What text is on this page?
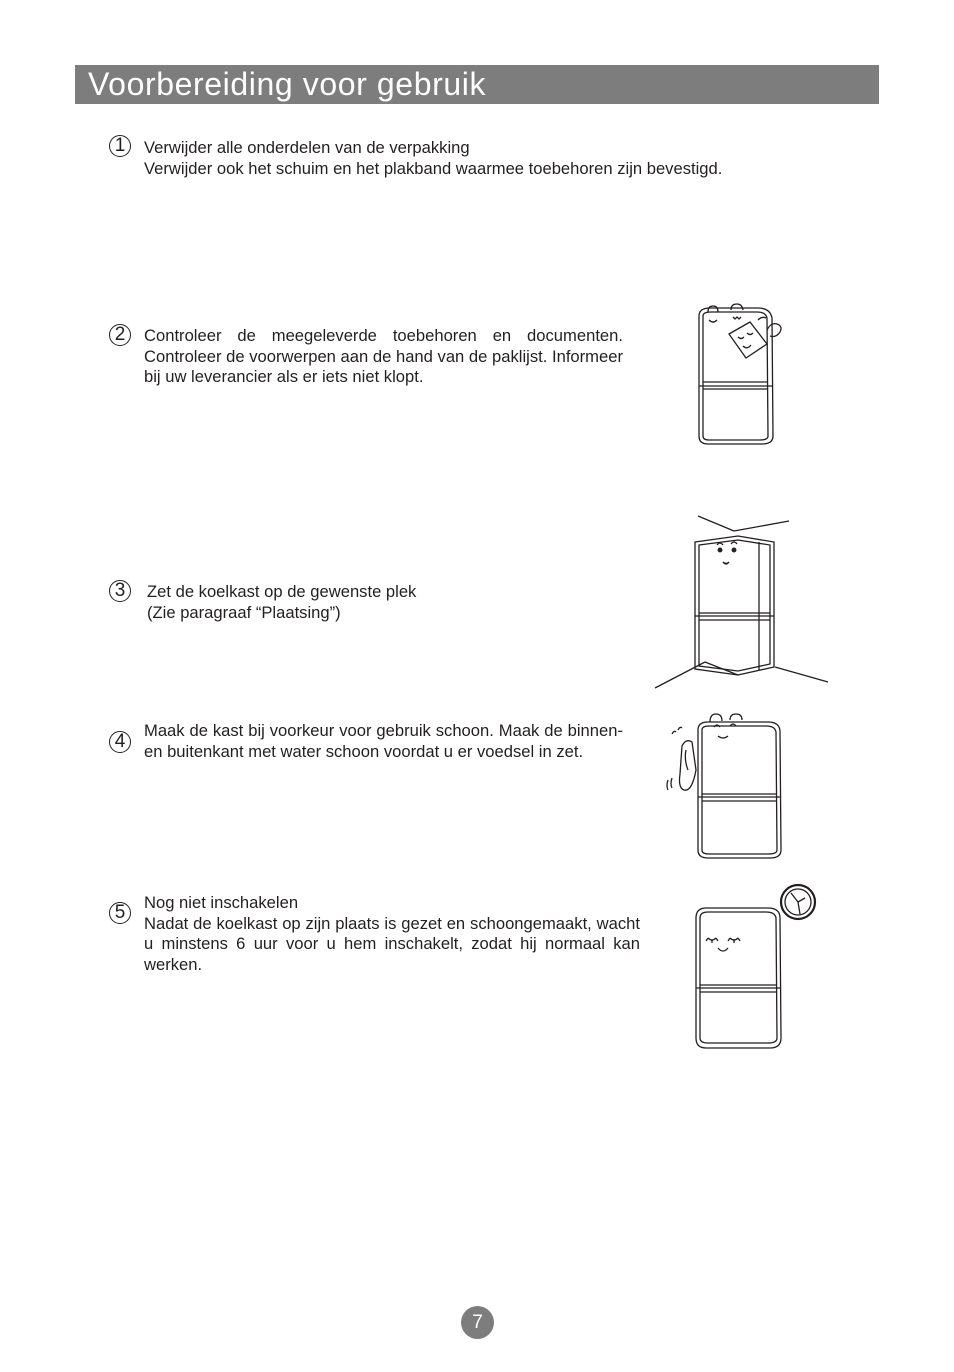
Voorbereiding voor gebruik
1	Verwijder alle onderdelen van de verpakking

Verwijder ook het schuim en het plakband waarmee toebehoren zijn bevestigd.

2	Controleer de meegeleverde toebehoren en documenten. Controleer de voorwerpen aan de hand van de paklijst. Informeer bij uw leverancier als er iets niet klopt.

3	Zet de koelkast op de gewenste plek

(Zie paragraaf “Plaatsing”)

4

Maak de kast bij voorkeur voor gebruik schoon. Maak de binnen- en buitenkant met water schoon voordat u er voedsel in zet.

5	Nog niet inschakelen

Nadat de koelkast op zijn plaats is gezet en schoongemaakt, wacht u minstens 6 uur voor u hem inschakelt, zodat hij normaal kan werken.

7
